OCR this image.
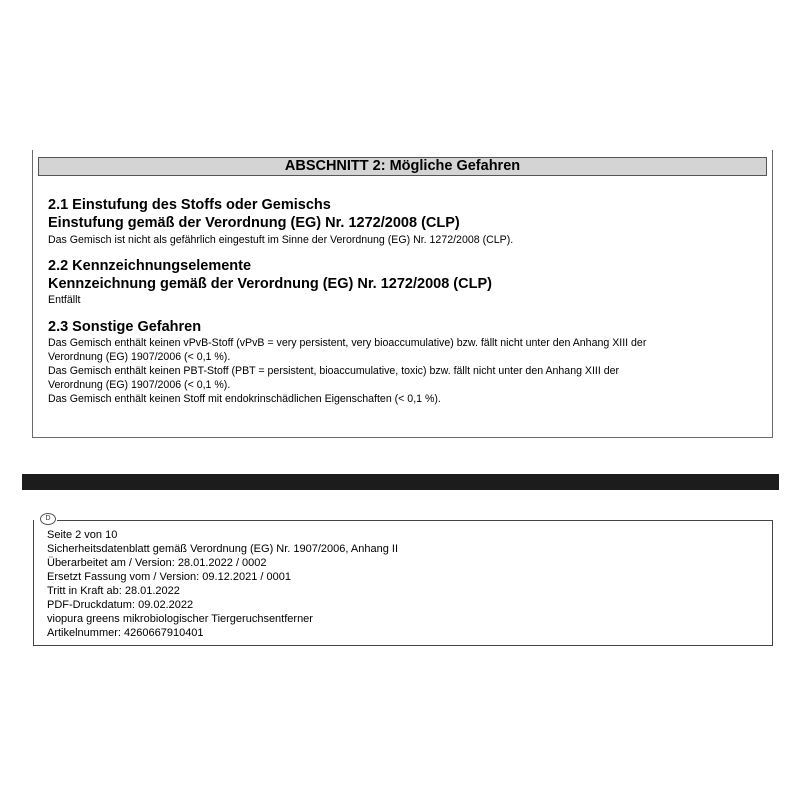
ABSCHNITT 2: Mögliche Gefahren
2.1 Einstufung des Stoffs oder Gemischs
Einstufung gemäß der Verordnung (EG) Nr. 1272/2008 (CLP)
Das Gemisch ist nicht als gefährlich eingestuft im Sinne der Verordnung (EG) Nr. 1272/2008 (CLP).
2.2 Kennzeichnungselemente
Kennzeichnung gemäß der Verordnung (EG) Nr. 1272/2008 (CLP)
Entfällt
2.3 Sonstige Gefahren
Das Gemisch enthält keinen vPvB-Stoff (vPvB = very persistent, very bioaccumulative) bzw. fällt nicht unter den Anhang XIII der
Verordnung (EG) 1907/2006 (< 0,1 %).
Das Gemisch enthält keinen PBT-Stoff (PBT = persistent, bioaccumulative, toxic) bzw. fällt nicht unter den Anhang XIII der
Verordnung (EG) 1907/2006 (< 0,1 %).
Das Gemisch enthält keinen Stoff mit endokrinschädlichen Eigenschaften (< 0,1 %).
D
Seite 2 von 10
Sicherheitsdatenblatt gemäß Verordnung (EG) Nr. 1907/2006, Anhang II
Überarbeitet am / Version: 28.01.2022 / 0002
Ersetzt Fassung vom / Version: 09.12.2021 / 0001
Tritt in Kraft ab: 28.01.2022
PDF-Druckdatum: 09.02.2022
viopura greens mikrobiologischer Tiergeruchsentferner
Artikelnummer: 4260667910401
